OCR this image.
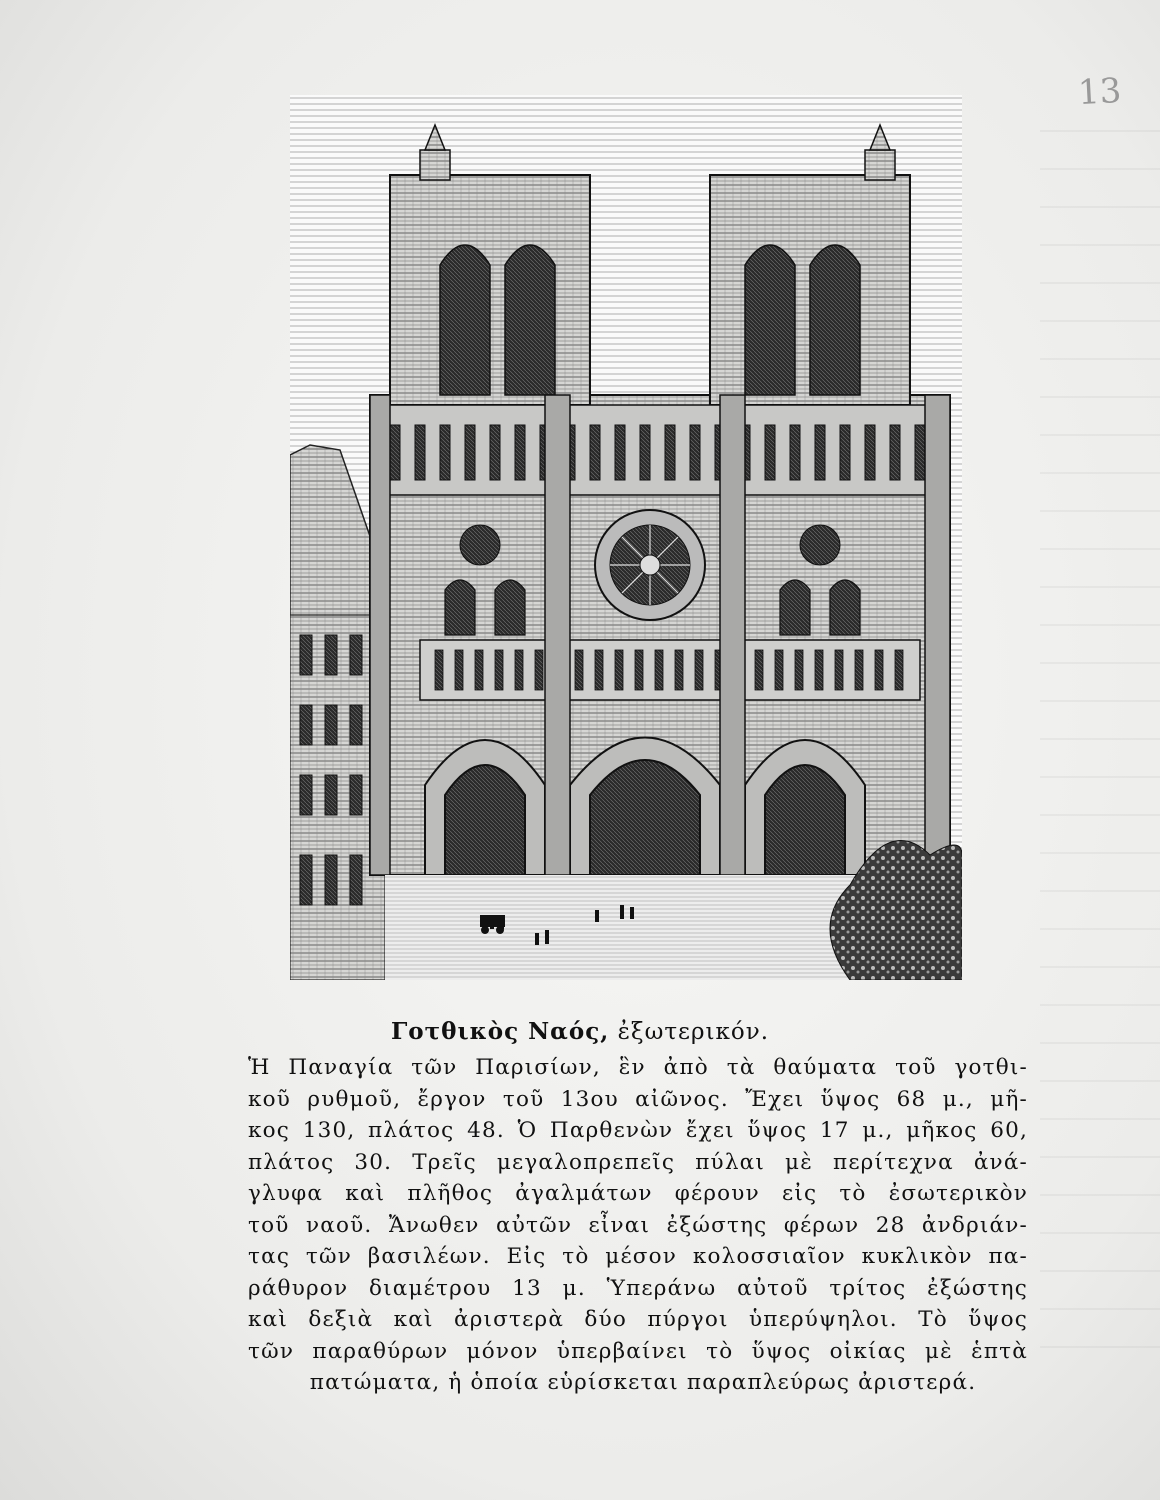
13
Γοτθικὸς Ναός, ἐξωτερικόν.
Ἡ Παναγία τῶν Παρισίων, ἓν ἀπὸ τὰ θαύματα τοῦ γοτθι-
κοῦ ρυθμοῦ, ἔργον τοῦ 13ου αἰῶνος. Ἔχει ὕψος 68 μ., μῆ-
κος 130, πλάτος 48. Ὁ Παρθενὼν ἔχει ὕψος 17 μ., μῆκος 60,
πλάτος 30. Τρεῖς μεγαλοπρεπεῖς πύλαι μὲ περίτεχνα ἀνά-
γλυφα καὶ πλῆθος ἀγαλμάτων φέρουν εἰς τὸ ἐσωτερικὸν
τοῦ ναοῦ. Ἄνωθεν αὐτῶν εἶναι ἐξώστης φέρων 28 ἀνδριάν-
τας τῶν βασιλέων. Εἰς τὸ μέσον κολοσσιαῖον κυκλικὸν πα-
ράθυρον διαμέτρου 13 μ. Ὑπεράνω αὐτοῦ τρίτος ἐξώστης
καὶ δεξιὰ καὶ ἀριστερὰ δύο πύργοι ὑπερύψηλοι. Τὸ ὕψος
τῶν παραθύρων μόνον ὑπερβαίνει τὸ ὕψος οἰκίας μὲ ἑπτὰ
πατώματα, ἡ ὁποία εὑρίσκεται παραπλεύρως ἀριστερά.
